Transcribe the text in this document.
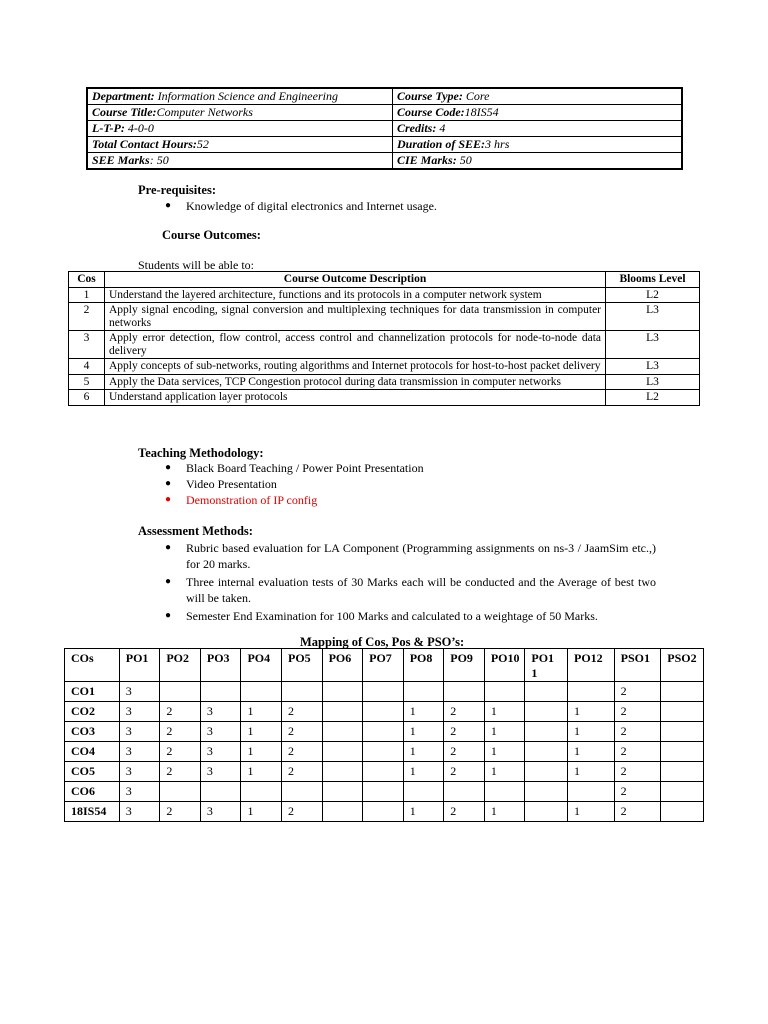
Department: Information Science and Engineering	Course Type: Core
Course Title:Computer Networks	Course Code:18IS54
L-T-P: 4-0-0	Credits: 4
Total Contact Hours:52	Duration of SEE:3 hrs
SEE Marks: 50	CIE Marks: 50
Pre-requisites:
● Knowledge of digital electronics and Internet usage.
Course Outcomes:
Students will be able to:
Cos	Course Outcome Description	Blooms Level
1	Understand the layered architecture, functions and its protocols in a computer network system	L2
2	Apply signal encoding, signal conversion and multiplexing techniques for data transmission in computer networks	L3
3	Apply error detection, flow control, access control and channelization protocols for node-to-node data delivery	L3
4	Apply concepts of sub-networks, routing algorithms and Internet protocols for host-to-host packet delivery	L3
5	Apply the Data services, TCP Congestion protocol during data transmission in computer networks	L3
6	Understand application layer protocols	L2
Teaching Methodology:
● Black Board Teaching / Power Point Presentation
● Video Presentation
● Demonstration of IP config
Assessment Methods:
● Rubric based evaluation for LA Component (Programming assignments on ns-3 / JaamSim etc.,) for 20 marks.
● Three internal evaluation tests of 30 Marks each will be conducted and the Average of best two will be taken.
● Semester End Examination for 100 Marks and calculated to a weightage of 50 Marks.
Mapping of Cos, Pos & PSO’s:
COs	PO1	PO2	PO3	PO4	PO5	PO6	PO7	PO8	PO9	PO10	PO1 1	PO12	PSO1	PSO2
CO1	3												2	
CO2	3	2	3	1	2			1	2	1		1	2	
CO3	3	2	3	1	2			1	2	1		1	2	
CO4	3	2	3	1	2			1	2	1		1	2	
CO5	3	2	3	1	2			1	2	1		1	2	
CO6	3												2	
18IS54	3	2	3	1	2			1	2	1		1	2	
